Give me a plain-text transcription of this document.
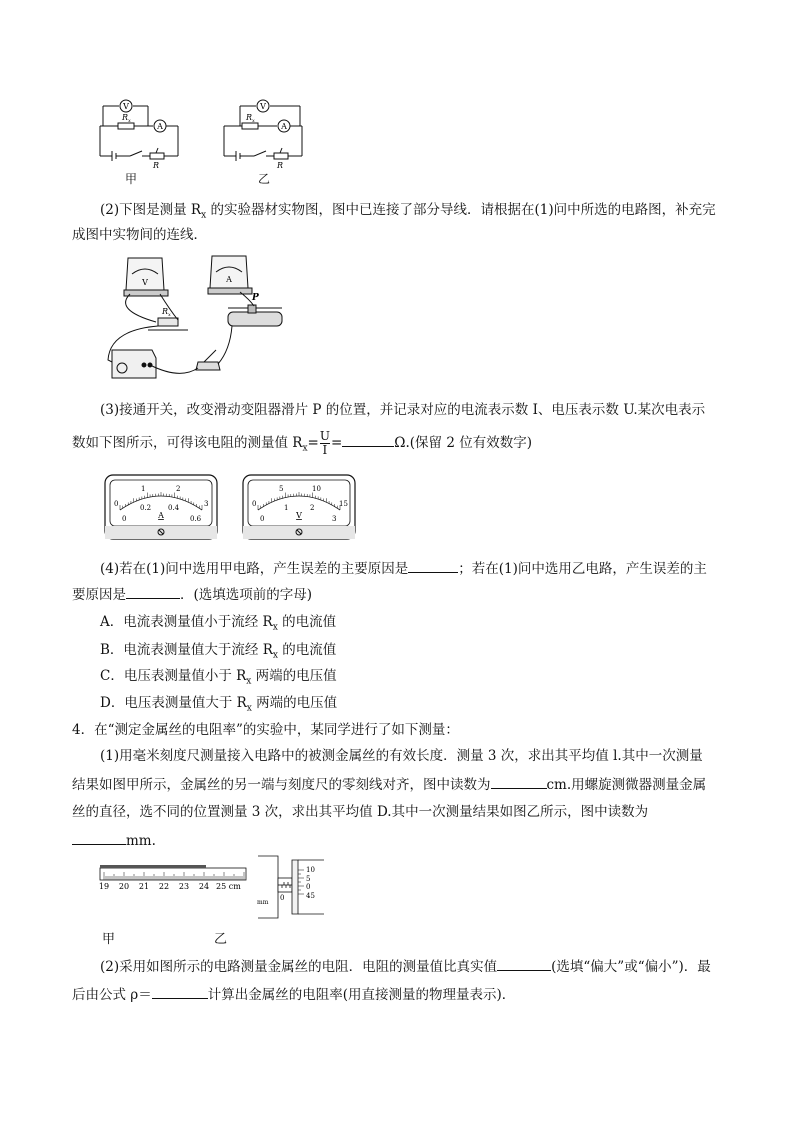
V
A
R x
R
甲
V
A
R x
R
乙
(2)下图是测量 $R_x$ 的实验器材实物图，图中已连接了部分导线．请根据在(1)问中所选的电路图，补充完
成图中实物间的连线．
V	A
R x
P
(3)接通开关，改变滑动变阻器滑片 P 的位置，并记录对应的电流表示数 I、电压表示数 U.某次电表示
数如下图所示，可得该电阻的测量值 $R_x= \frac{U}{I}$ =	Ω.(保留 2 位有效数字)
0
1	2
3
0
0.2 0.4
0.6
A
0
5	10
15
0
1	2
3
V
(4)若在(1)问中选用甲电路，产生误差的主要原因是	；若在(1)问中选用乙电路，产生误差的主
要原因是	．(选填选项前的字母)
A．电流表测量值小于流经 $R_x$ 的电流值
B．电流表测量值大于流经 $R_x$ 的电流值
C．电压表测量值小于 $R_x$ 两端的电压值
D．电压表测量值大于 $R_x$ 两端的电压值
4．在“测定金属丝的电阻率”的实验中，某同学进行了如下测量：
(1)用毫米刻度尺测量接入电路中的被测金属丝的有效长度．测量 3 次，求出其平均值 l.其中一次测量
结果如图甲所示，金属丝的另一端与刻度尺的零刻线对齐，图中读数为	cm.用螺旋测微器测量金属
丝的直径，选不同的位置测量 3 次，求出其平均值 D.其中一次测量结果如图乙所示，图中读数为
mm.
19 20 21 22 23 24 25 cm
mm
0
10
5
0
45
甲	乙
(2)采用如图所示的电路测量金属丝的电阻．电阻的测量值比真实值	(选填“偏大”或“偏小”)．最
后由公式 ρ＝	计算出金属丝的电阻率(用直接测量的物理量表示)．
